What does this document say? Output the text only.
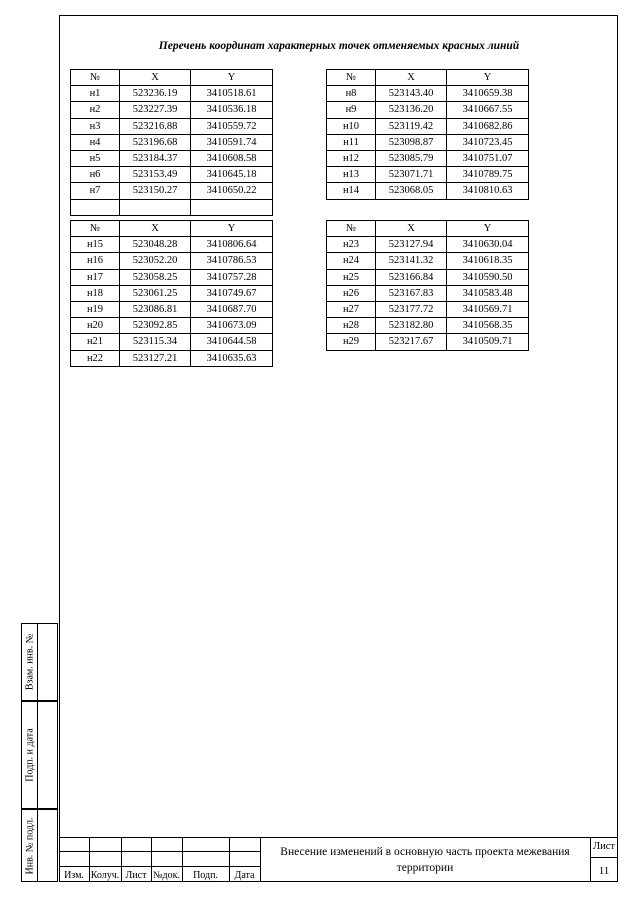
Перечень координат характерных точек отменяемых красных линий
№	X	Y
н1	523236.19	3410518.61
н2	523227.39	3410536.18
н3	523216.88	3410559.72
н4	523196.68	3410591.74
н5	523184.37	3410608.58
н6	523153.49	3410645.18
н7	523150.27	3410650.22

№	X	Y
н8	523143.40	3410659.38
н9	523136.20	3410667.55
н10	523119.42	3410682.86
н11	523098.87	3410723.45
н12	523085.79	3410751.07
н13	523071.71	3410789.75
н14	523068.05	3410810.63
№	X	Y
н15	523048.28	3410806.64
н16	523052.20	3410786.53
н17	523058.25	3410757.28
н18	523061.25	3410749.67
н19	523086.81	3410687.70
н20	523092.85	3410673.09
н21	523115.34	3410644.58
н22	523127.21	3410635.63
№	X	Y
н23	523127.94	3410630.04
н24	523141.32	3410618.35
н25	523166.84	3410590.50
н26	523167.83	3410583.48
н27	523177.72	3410569.71
н28	523182.80	3410568.35
н29	523217.67	3410509.71
Взам. инв. №
Подп. и дата
Инв. № подл.
Изм. Колуч. Лист №док.	Подп.	Дата
Внесение изменений в основную часть проекта межевания территории
Лист
11
